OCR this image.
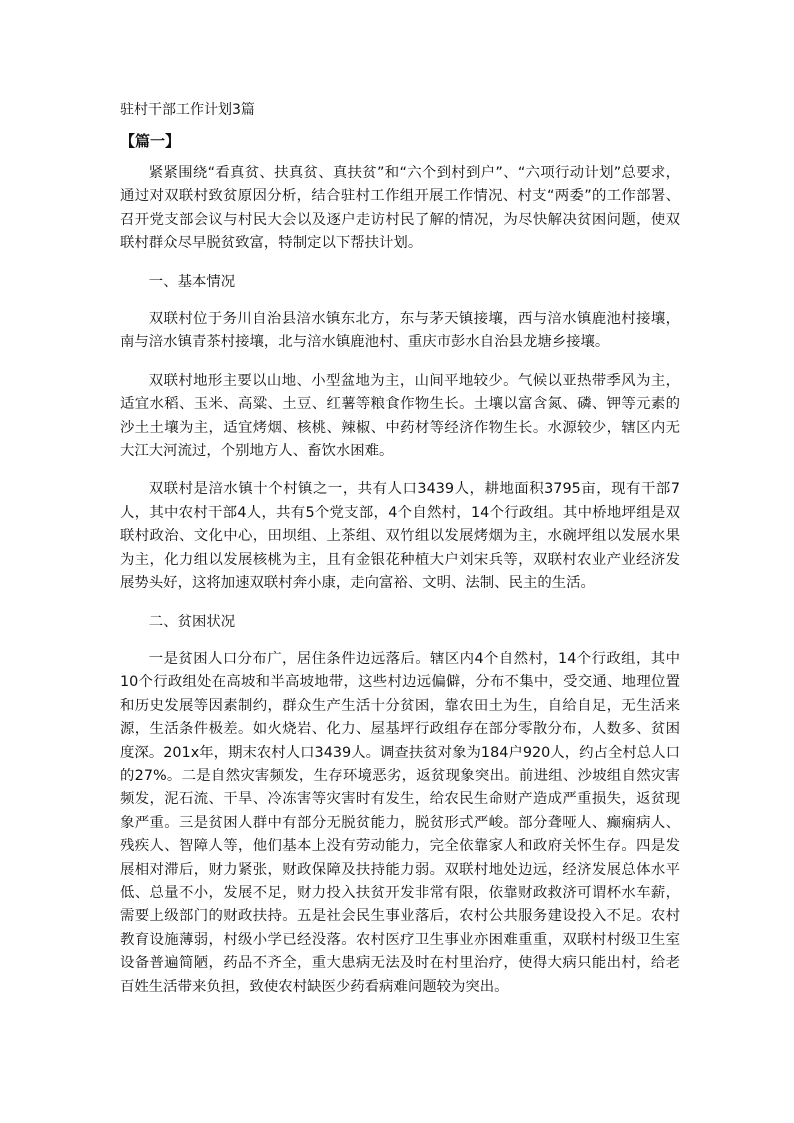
驻村干部工作计划3篇
【篇一】

紧紧围绕“看真贫、扶真贫、真扶贫”和“六个到村到户”、“六项行动计划”总要求，通过对双联村致贫原因分析，结合驻村工作组开展工作情况、村支“两委”的工作部署、召开党支部会议与村民大会以及逐户走访村民了解的情况，为尽快解决贫困问题，使双联村群众尽早脱贫致富，特制定以下帮扶计划。

一、基本情况

双联村位于务川自治县涪水镇东北方，东与茅天镇接壤，西与涪水镇鹿池村接壤，南与涪水镇青茶村接壤，北与涪水镇鹿池村、重庆市彭水自治县龙塘乡接壤。

双联村地形主要以山地、小型盆地为主，山间平地较少。气候以亚热带季风为主，适宜水稻、玉米、高粱、土豆、红薯等粮食作物生长。土壤以富含氮、磷、钾等元素的沙土土壤为主，适宜烤烟、核桃、辣椒、中药材等经济作物生长。水源较少，辖区内无大江大河流过，个别地方人、畜饮水困难。

双联村是涪水镇十个村镇之一，共有人口3439人，耕地面积3795亩，现有干部7人，其中农村干部4人，共有5个党支部，4个自然村，14个行政组。其中桥地坪组是双联村政治、文化中心，田坝组、上茶组、双竹组以发展烤烟为主，水碗坪组以发展水果为主，化力组以发展核桃为主，且有金银花种植大户刘宋兵等，双联村农业产业经济发展势头好，这将加速双联村奔小康，走向富裕、文明、法制、民主的生活。

二、贫困状况

一是贫困人口分布广，居住条件边远落后。辖区内4个自然村，14个行政组，其中10个行政组处在高坡和半高坡地带，这些村边远偏僻，分布不集中，受交通、地理位置和历史发展等因素制约，群众生产生活十分贫困，靠农田土为生，自给自足，无生活来源，生活条件极差。如火烧岩、化力、屋基坪行政组存在部分零散分布，人数多、贫困度深。201x年，期末农村人口3439人。调查扶贫对象为184户920人，约占全村总人口的27%。二是自然灾害频发，生存环境恶劣，返贫现象突出。前进组、沙坡组自然灾害频发，泥石流、干旱、冷冻害等灾害时有发生，给农民生命财产造成严重损失，返贫现象严重。三是贫困人群中有部分无脱贫能力，脱贫形式严峻。部分聋哑人、癫痫病人、残疾人、智障人等，他们基本上没有劳动能力，完全依靠家人和政府关怀生存。四是发展相对滞后，财力紧张，财政保障及扶持能力弱。双联村地处边远，经济发展总体水平低、总量不小，发展不足，财力投入扶贫开发非常有限，依靠财政救济可谓杯水车薪，需要上级部门的财政扶持。五是社会民生事业落后，农村公共服务建设投入不足。农村教育设施薄弱，村级小学已经没落。农村医疗卫生事业亦困难重重，双联村村级卫生室设备普遍简陋，药品不齐全，重大患病无法及时在村里治疗，使得大病只能出村，给老百姓生活带来负担，致使农村缺医少药看病难问题较为突出。
